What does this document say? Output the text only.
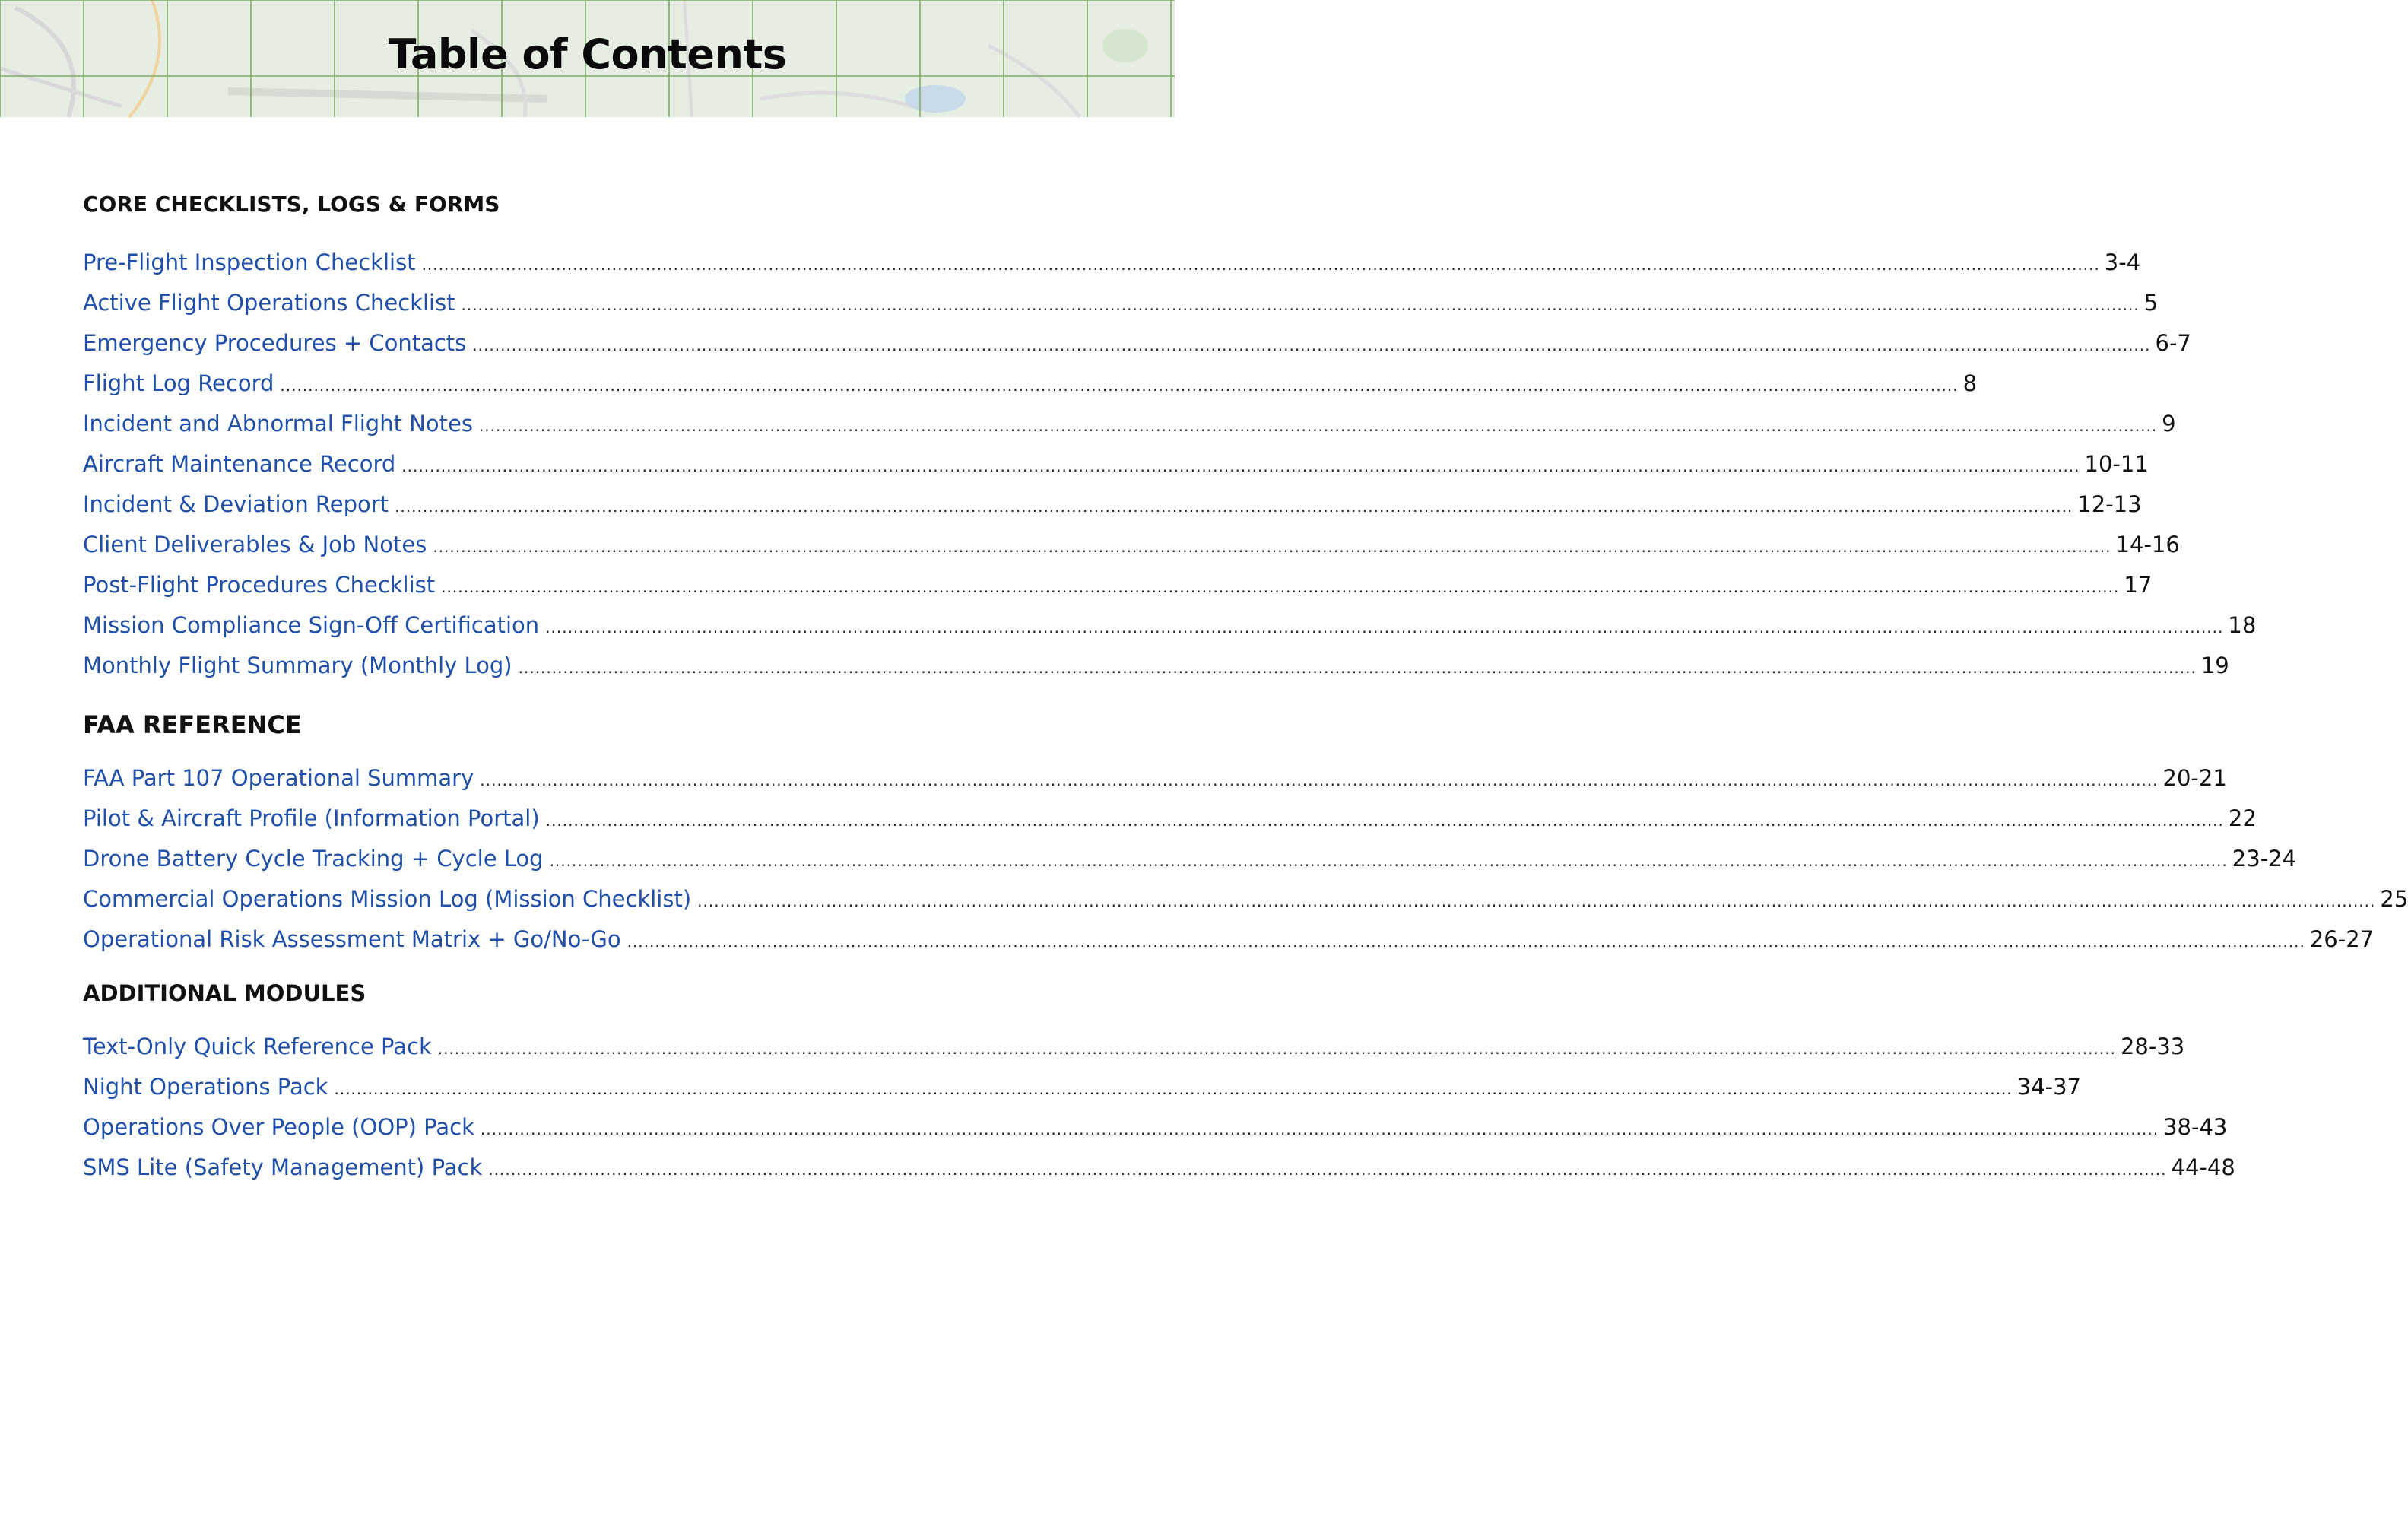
Table of Contents
CORE CHECKLISTS, LOGS & FORMS
Pre-Flight Inspection Checklist ............................................................................................................................................................................................................................................................................................................ 3-4
Active Flight Operations Checklist ............................................................................................................................................................................................................................................................................................................ 5
Emergency Procedures + Contacts ............................................................................................................................................................................................................................................................................................................ 6-7
Flight Log Record ............................................................................................................................................................................................................................................................................................................ 8
Incident and Abnormal Flight Notes ............................................................................................................................................................................................................................................................................................................ 9
Aircraft Maintenance Record ............................................................................................................................................................................................................................................................................................................ 10-11
Incident & Deviation Report ............................................................................................................................................................................................................................................................................................................ 12-13
Client Deliverables & Job Notes ............................................................................................................................................................................................................................................................................................................ 14-16
Post-Flight Procedures Checklist ............................................................................................................................................................................................................................................................................................................ 17
Mission Compliance Sign-Off Certification ............................................................................................................................................................................................................................................................................................................ 18
Monthly Flight Summary (Monthly Log) ............................................................................................................................................................................................................................................................................................................ 19
FAA REFERENCE
FAA Part 107 Operational Summary ............................................................................................................................................................................................................................................................................................................ 20-21
Pilot & Aircraft Profile (Information Portal) ............................................................................................................................................................................................................................................................................................................ 22
Drone Battery Cycle Tracking + Cycle Log ............................................................................................................................................................................................................................................................................................................ 23-24
Commercial Operations Mission Log (Mission Checklist) ............................................................................................................................................................................................................................................................................................................ 25
Operational Risk Assessment Matrix + Go/No-Go ............................................................................................................................................................................................................................................................................................................ 26-27
ADDITIONAL MODULES
Text-Only Quick Reference Pack ............................................................................................................................................................................................................................................................................................................ 28-33
Night Operations Pack ............................................................................................................................................................................................................................................................................................................ 34-37
Operations Over People (OOP) Pack ............................................................................................................................................................................................................................................................................................................ 38-43
SMS Lite (Safety Management) Pack ............................................................................................................................................................................................................................................................................................................ 44-48
